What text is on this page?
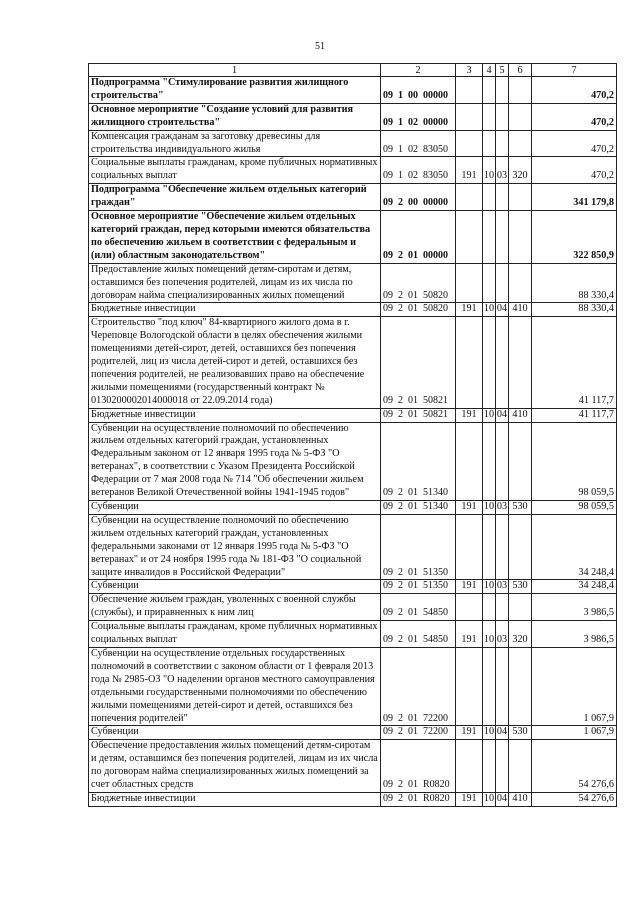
51
1	2	3	4	5	6	7
Подпрограмма "Стимулирование развития жилищного строительства"	09  1  00  00000					470,2
Основное мероприятие "Создание условий для развития жилищного строительства"	09  1  02  00000					470,2
Компенсация гражданам за заготовку древесины для строительства индивидуального жилья	09  1  02  83050					470,2
Социальные выплаты гражданам, кроме публичных нормативных социальных выплат	09  1  02  83050	191	10	03	320	470,2
Подпрограмма "Обеспечение жильем отдельных категорий граждан"	09  2  00  00000					341 179,8
Основное мероприятие "Обеспечение жильем отдельных категорий граждан, перед которыми имеются обязательства по обеспечению жильем в соответствии с федеральным и (или) областным законодательством"	09  2  01  00000					322 850,9
Предоставление жилых помещений детям-сиротам и детям, оставшимся без попечения родителей, лицам из их числа по договорам найма специализированных жилых помещений	09  2  01  50820					88 330,4
Бюджетные инвестиции	09  2  01  50820	191	10	04	410	88 330,4
Строительство "под ключ" 84-квартирного жилого дома в г. Череповце Вологодской области в целях обеспечения жилыми помещениями детей-сирот, детей, оставшихся без попечения родителей, лиц из числа детей-сирот и детей, оставшихся без попечения родителей, не реализовавших право на обеспечение жилыми помещениями (государственный контракт № 0130200002014000018 от 22.09.2014 года)	09  2  01  50821					41 117,7
Бюджетные инвестиции	09  2  01  50821	191	10	04	410	41 117,7
Субвенции на осуществление полномочий по обеспечению жильем отдельных категорий граждан, установленных Федеральным законом от 12 января 1995 года № 5-ФЗ "О ветеранах", в соответствии с Указом Президента Российской Федерации от 7 мая 2008 года № 714 "Об обеспечении жильем ветеранов Великой Отечественной войны 1941-1945 годов"	09  2  01  51340					98 059,5
Субвенции	09  2  01  51340	191	10	03	530	98 059,5
Субвенции на осуществление полномочий по обеспечению жильем отдельных категорий граждан, установленных федеральными законами от 12 января 1995 года № 5-ФЗ "О ветеранах" и от 24 ноября 1995 года № 181-ФЗ "О социальной защите инвалидов в Российской Федерации"	09  2  01  51350					34 248,4
Субвенции	09  2  01  51350	191	10	03	530	34 248,4
Обеспечение жильем граждан, уволенных с военной службы (службы), и приравненных к ним лиц	09  2  01  54850					3 986,5
Социальные выплаты гражданам, кроме публичных нормативных социальных выплат	09  2  01  54850	191	10	03	320	3 986,5
Субвенции на осуществление отдельных государственных полномочий в соответствии с законом области от 1 февраля 2013 года № 2985-ОЗ "О наделении органов местного самоуправления отдельными государственными полномочиями по обеспечению жилыми помещениями детей-сирот и детей, оставшихся без попечения родителей"	09  2  01  72200					1 067,9
Субвенции	09  2  01  72200	191	10	04	530	1 067,9
Обеспечение предоставления жилых помещений детям-сиротам и детям, оставшимся без попечения родителей, лицам из их числа по договорам найма специализированных жилых помещений за счет областных средств	09  2  01  R0820					54 276,6
Бюджетные инвестиции	09  2  01  R0820	191	10	04	410	54 276,6
